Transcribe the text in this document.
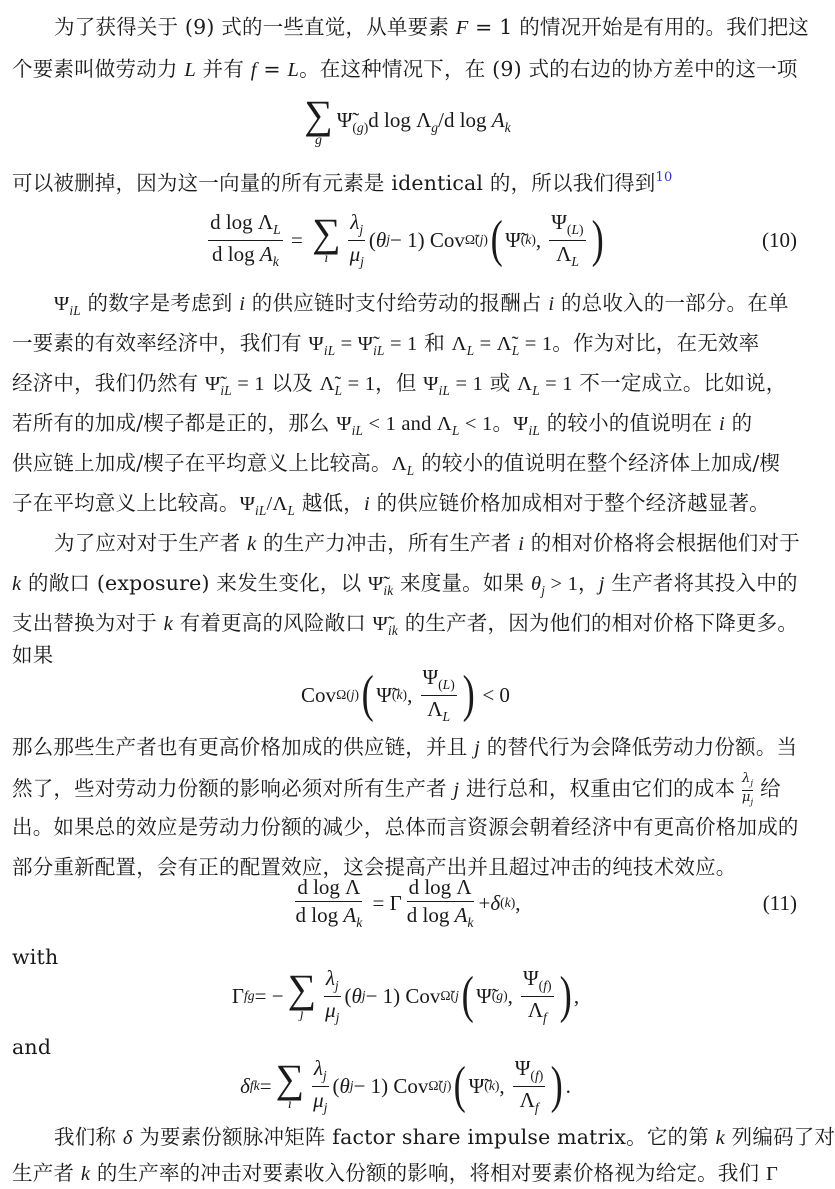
为了获得关于 (9) 式的一些直觉，从单要素 F = 1 的情况开始是有用的。我们把这
个要素叫做劳动力 L 并有 f = L。在这种情况下，在 (9) 式的右边的协方差中的这一项
∑
g
$\Psĩ_{(g)}d$ $\log \Lambda_g/d$ $\log A_k$
可以被删掉，因为这一向量的所有元素是 identical 的，所以我们得到$^{10}$
$\frac{d \log \Lambda_L}{d \log A_k}$ = ∑
i $\frac{\lambda_j}{\mu_j}$ ( θ j − 1) Cov Ω̃(j) ( Ψ̃ (k) , $\frac{\Psi_{(L)}}{\Lambda_L}$ )	(10)
$\Psi_{iL}$ 的数字是考虑到 i 的供应链时支付给劳动的报酬占 i 的总收入的一部分。在单
一要素的有效率经济中，我们有 $\Psi_{iL}$ = $\Psĩ_{iL} = 1$ 和 $\Lambda_L$ = $\Lambdã_L = 1$。作为对比，在无效率
经济中，我们仍然有 $\Psĩ_{iL} = 1$ 以及 $\Lambdã_L = 1$，但 $\Psi_{iL} = 1$ 或 $\Lambda_L = 1$ 不一定成立。比如说，
若所有的加成/楔子都是正的，那么 $\Psi_{iL} < 1$ and $\Lambda_L < 1$。$\Psi_{iL}$ 的较小的值说明在 i 的
供应链上加成/楔子在平均意义上比较高。$\Lambda_L$ 的较小的值说明在整个经济体上加成/楔
子在平均意义上比较高。$\Psi_{iL}/\Lambda_L$ 越低，i 的供应链价格加成相对于整个经济越显著。
为了应对对于生产者 k 的生产力冲击，所有生产者 i 的相对价格将会根据他们对于
k 的敞口 (exposure) 来发生变化，以 $\Psĩ_{ik}$ 来度量。如果 $\theta_j > 1$，j 生产者将其投入中的
支出替换为对于 k 有着更高的风险敞口 $\Psĩ_{ik}$ 的生产者，因为他们的相对价格下降更多。
如果
Cov Ω(j) ( Ψ̃ (k) , $\frac{\Psi_{(L)}}{\Lambda_L}$ ) < 0
那么那些生产者也有更高价格加成的供应链，并且 j 的替代行为会降低劳动力份额。当
然了，些对劳动力份额的影响必须对所有生产者 j 进行总和，权重由它们的成本 $\frac{\lambda_j}{\mu_j}$ 给
出。如果总的效应是劳动力份额的减少，总体而言资源会朝着经济中有更高价格加成的
部分重新配置，会有正的配置效应，这会提高产出并且超过冲击的纯技术效应。
$\frac{\text{d log Λ}}{d \log A_k} = \Gamma \frac{\text{d log Λ}}{d \log A_k} + \delta$ (k) ,	(11)
with
Γ fg = − ∑
j $\frac{\lambda_j}{\mu_j}$ ( θ j − 1) Cov Ω̃(j ( Ψ̃ (g) , $\frac{\Psi_{(f)}}{\Lambda_f}$ ) ,
and
δ fk = ∑
i $\frac{\lambda_j}{\mu_j}$ ( θ j − 1) Cov Ω̃(j) ( Ψ̃ (k) , $\frac{\Psi_{(f)}}{\Lambda_f}$ ) .
我们称 δ 为要素份额脉冲矩阵 factor share impulse matrix。它的第 k 列编码了对
生产者 k 的生产率的冲击对要素收入份额的影响，将相对要素价格视为给定。我们 Γ
